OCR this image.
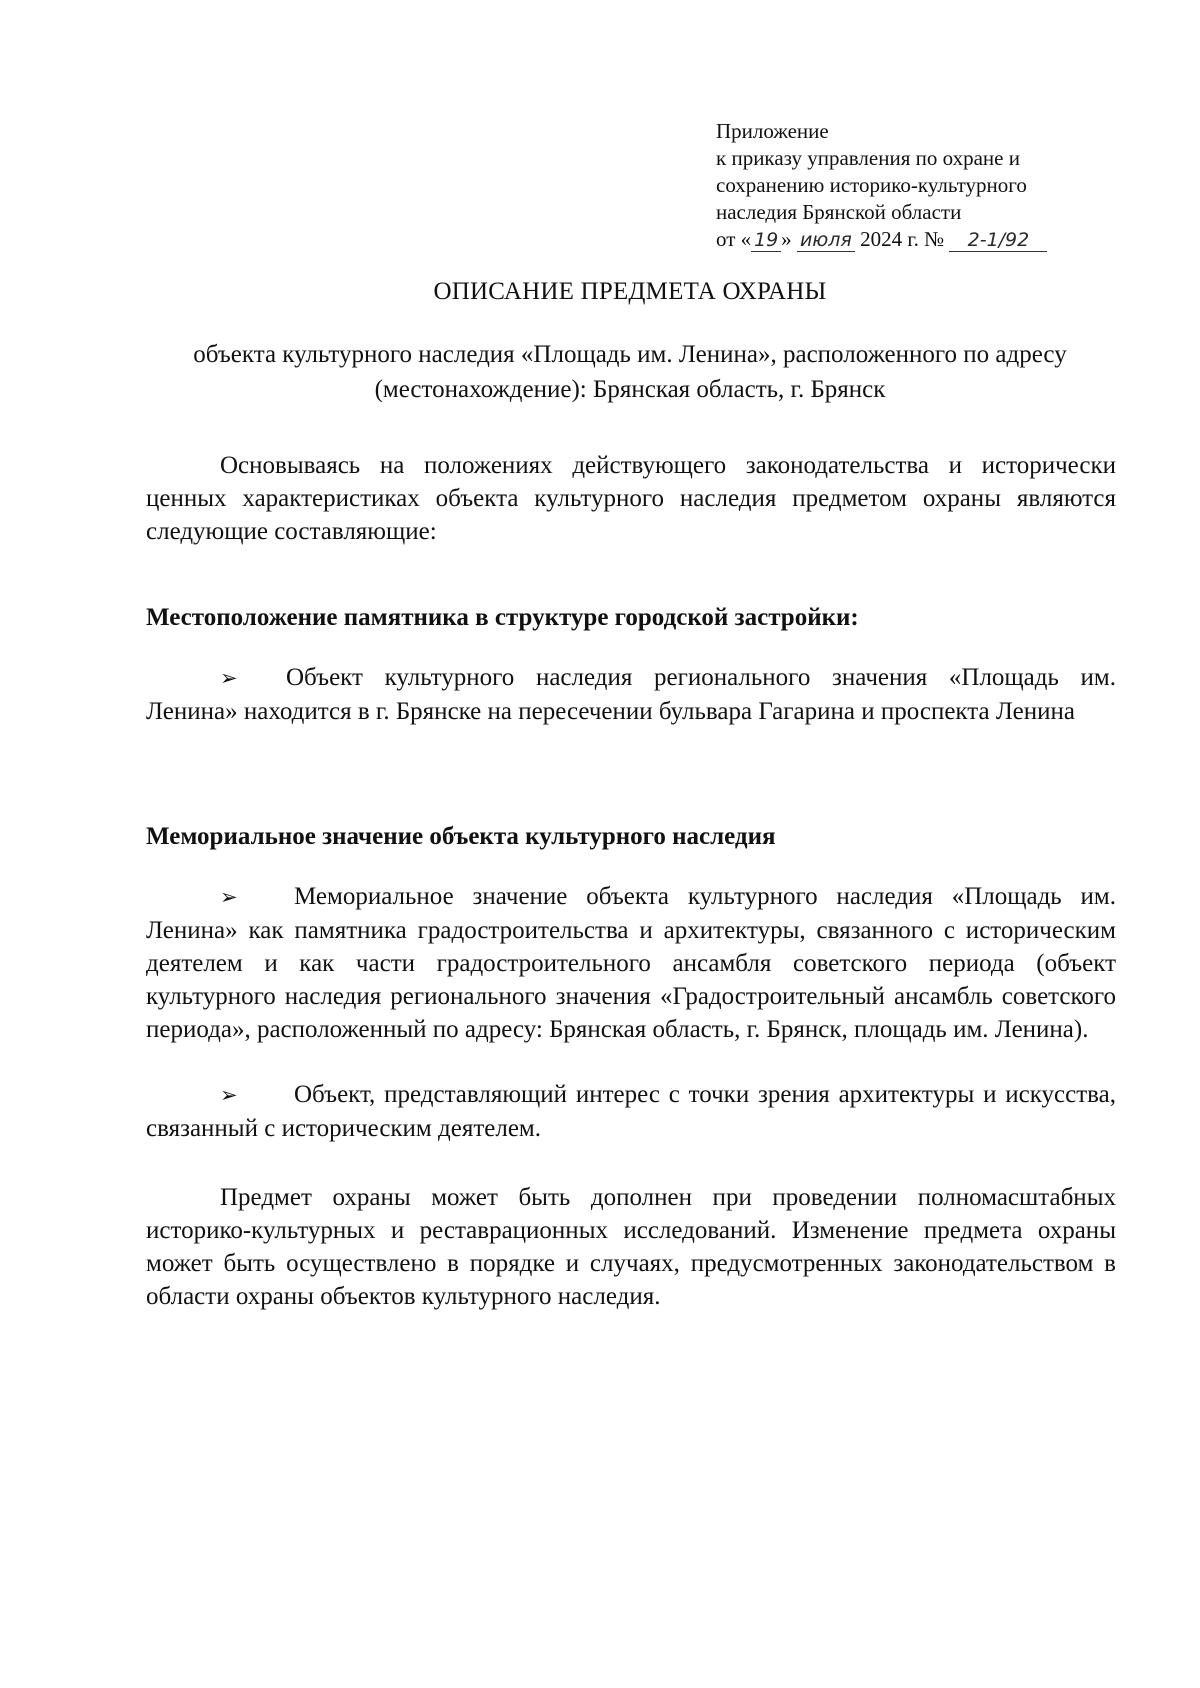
Приложение
к приказу управления по охране и
сохранению историко-культурного
наследия Брянской области
от « 19 » июля 2024 г. № 2-1/92
ОПИСАНИЕ ПРЕДМЕТА ОХРАНЫ
объекта культурного наследия «Площадь им. Ленина», расположенного по адресу (местонахождение): Брянская область, г. Брянск

Основываясь на положениях действующего законодательства и исторически ценных характеристиках объекта культурного наследия предметом охраны являются следующие составляющие:

Местоположение памятника в структуре городской застройки:

➢ Объект культурного наследия регионального значения «Площадь им. Ленина» находится в г. Брянске на пересечении бульвара Гагарина и проспекта Ленина

Мемориальное значение объекта культурного наследия

➢ Мемориальное значение объекта культурного наследия «Площадь им. Ленина» как памятника градостроительства и архитектуры, связанного с историческим деятелем и как части градостроительного ансамбля советского периода (объект культурного наследия регионального значения «Градостроительный ансамбль советского периода», расположенный по адресу: Брянская область, г. Брянск, площадь им. Ленина).

➢ Объект, представляющий интерес с точки зрения архитектуры и искусства, связанный с историческим деятелем.

Предмет охраны может быть дополнен при проведении полномасштабных историко-культурных и реставрационных исследований. Изменение предмета охраны может быть осуществлено в порядке и случаях, предусмотренных законодательством в области охраны объектов культурного наследия.
